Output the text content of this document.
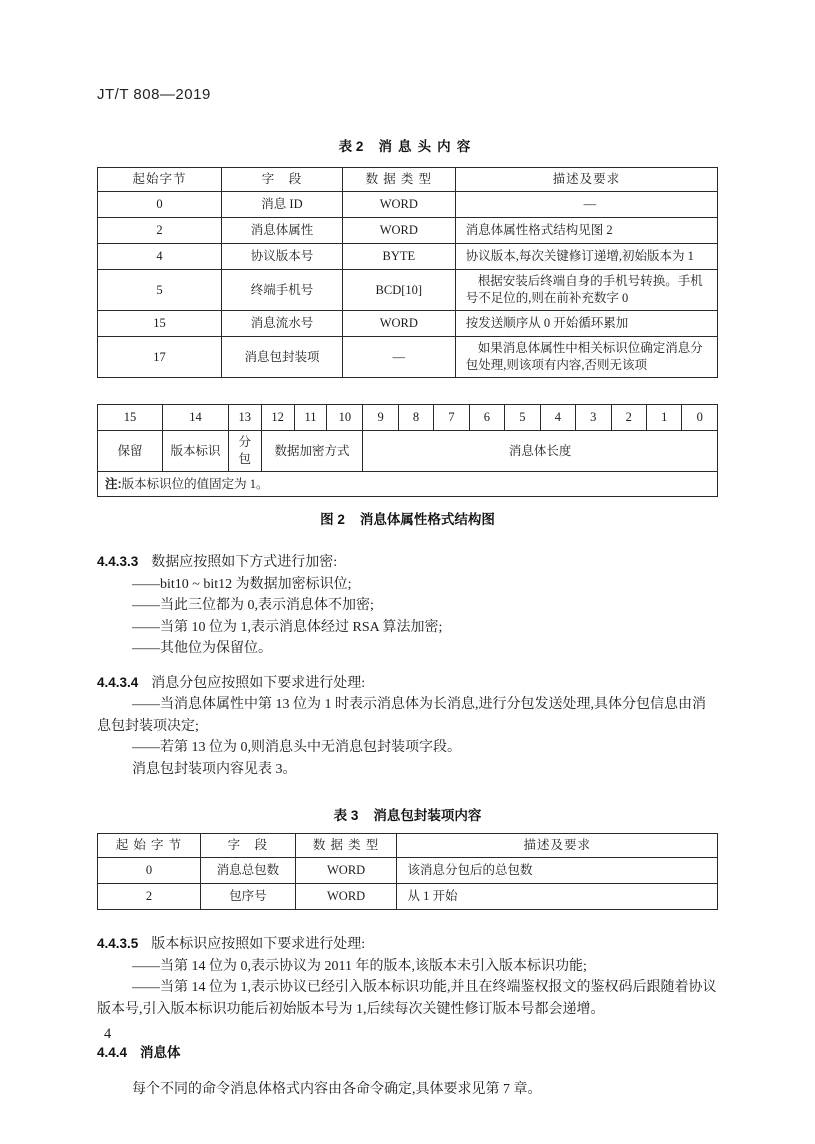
JT/T 808—2019

表 2 消息头内容

起始字节	字　段	数 据 类 型	描述及要求
0	消息 ID	WORD	—
2	消息体属性	WORD	消息体属性格式结构见图 2
4	协议版本号	BYTE	协议版本,每次关键修订递增,初始版本为 1
5	终端手机号	BCD[10]	根据安装后终端自身的手机号转换。手机号不足位的,则在前补充数字 0
15	消息流水号	WORD	按发送顺序从 0 开始循环累加
17	消息包封装项	—	如果消息体属性中相关标识位确定消息分包处理,则该项有内容,否则无该项
15	14	13	12	11	10	9	8	7	6	5	4	3	2	1	0
保留	版本标识	分包	数据加密方式			消息体长度									
注:版本标识位的值固定为 1。															

图 2 消息体属性格式结构图

4.4.3.3 数据应按照如下方式进行加密:

——bit10 ~ bit12 为数据加密标识位;

——当此三位都为 0,表示消息体不加密;

——当第 10 位为 1,表示消息体经过 RSA 算法加密;

——其他位为保留位。

4.4.3.4 消息分包应按照如下要求进行处理:

——当消息体属性中第 13 位为 1 时表示消息体为长消息,进行分包发送处理,具体分包信息由消息包封装项决定;

——若第 13 位为 0,则消息头中无消息包封装项字段。

消息包封装项内容见表 3。

表 3 消息包封装项内容

起 始 字 节	字　段	数 据 类 型	描述及要求
0	消息总包数	WORD	该消息分包后的总包数
2	包序号	WORD	从 1 开始

4.4.3.5 版本标识应按照如下要求进行处理:

——当第 14 位为 0,表示协议为 2011 年的版本,该版本未引入版本标识功能;

——当第 14 位为 1,表示协议已经引入版本标识功能,并且在终端鉴权报文的鉴权码后跟随着协议版本号,引入版本标识功能后初始版本号为 1,后续每次关键性修订版本号都会递增。

4.4.4 消息体

每个不同的命令消息体格式内容由各命令确定,具体要求见第 7 章。

4
